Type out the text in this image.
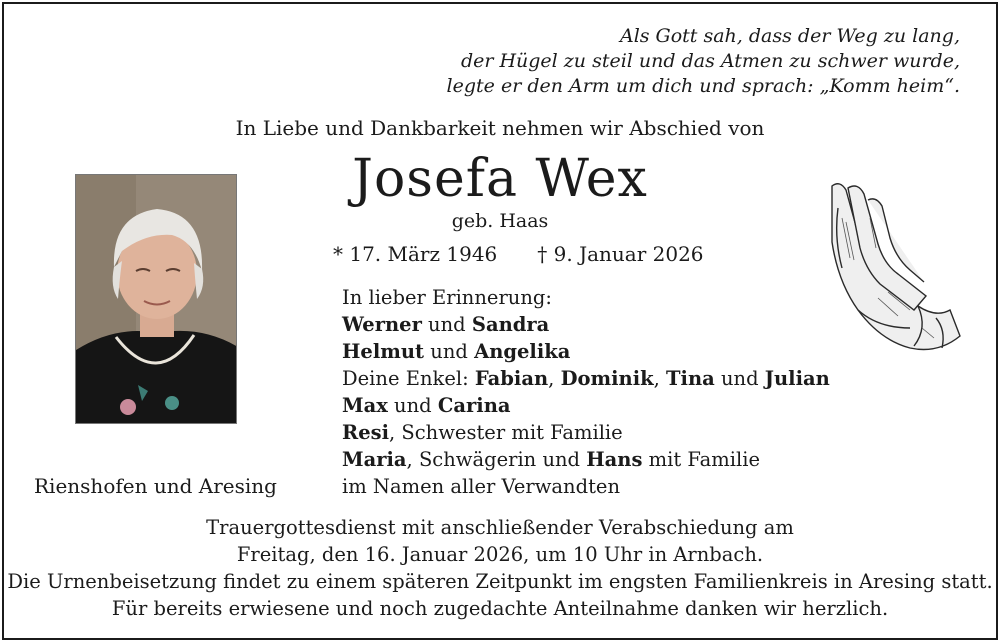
Als Gott sah, dass der Weg zu lang,
der Hügel zu steil und das Atmen zu schwer wurde,
legte er den Arm um dich und sprach: „Komm heim“.
In Liebe und Dankbarkeit nehmen wir Abschied von
Josefa Wex
geb. Haas
* 17. März 1946 † 9. Januar 2026
Rienshofen und Aresing
In lieber Erinnerung:
Werner und Sandra
Helmut und Angelika
Deine Enkel: Fabian, Dominik, Tina und Julian
Max und Carina
Resi, Schwester mit Familie
Maria, Schwägerin und Hans mit Familie
im Namen aller Verwandten
Trauergottesdienst mit anschließender Verabschiedung am
Freitag, den 16. Januar 2026, um 10 Uhr in Arnbach.
Die Urnenbeisetzung findet zu einem späteren Zeitpunkt im engsten Familienkreis in Aresing statt.
Für bereits erwiesene und noch zugedachte Anteilnahme danken wir herzlich.
